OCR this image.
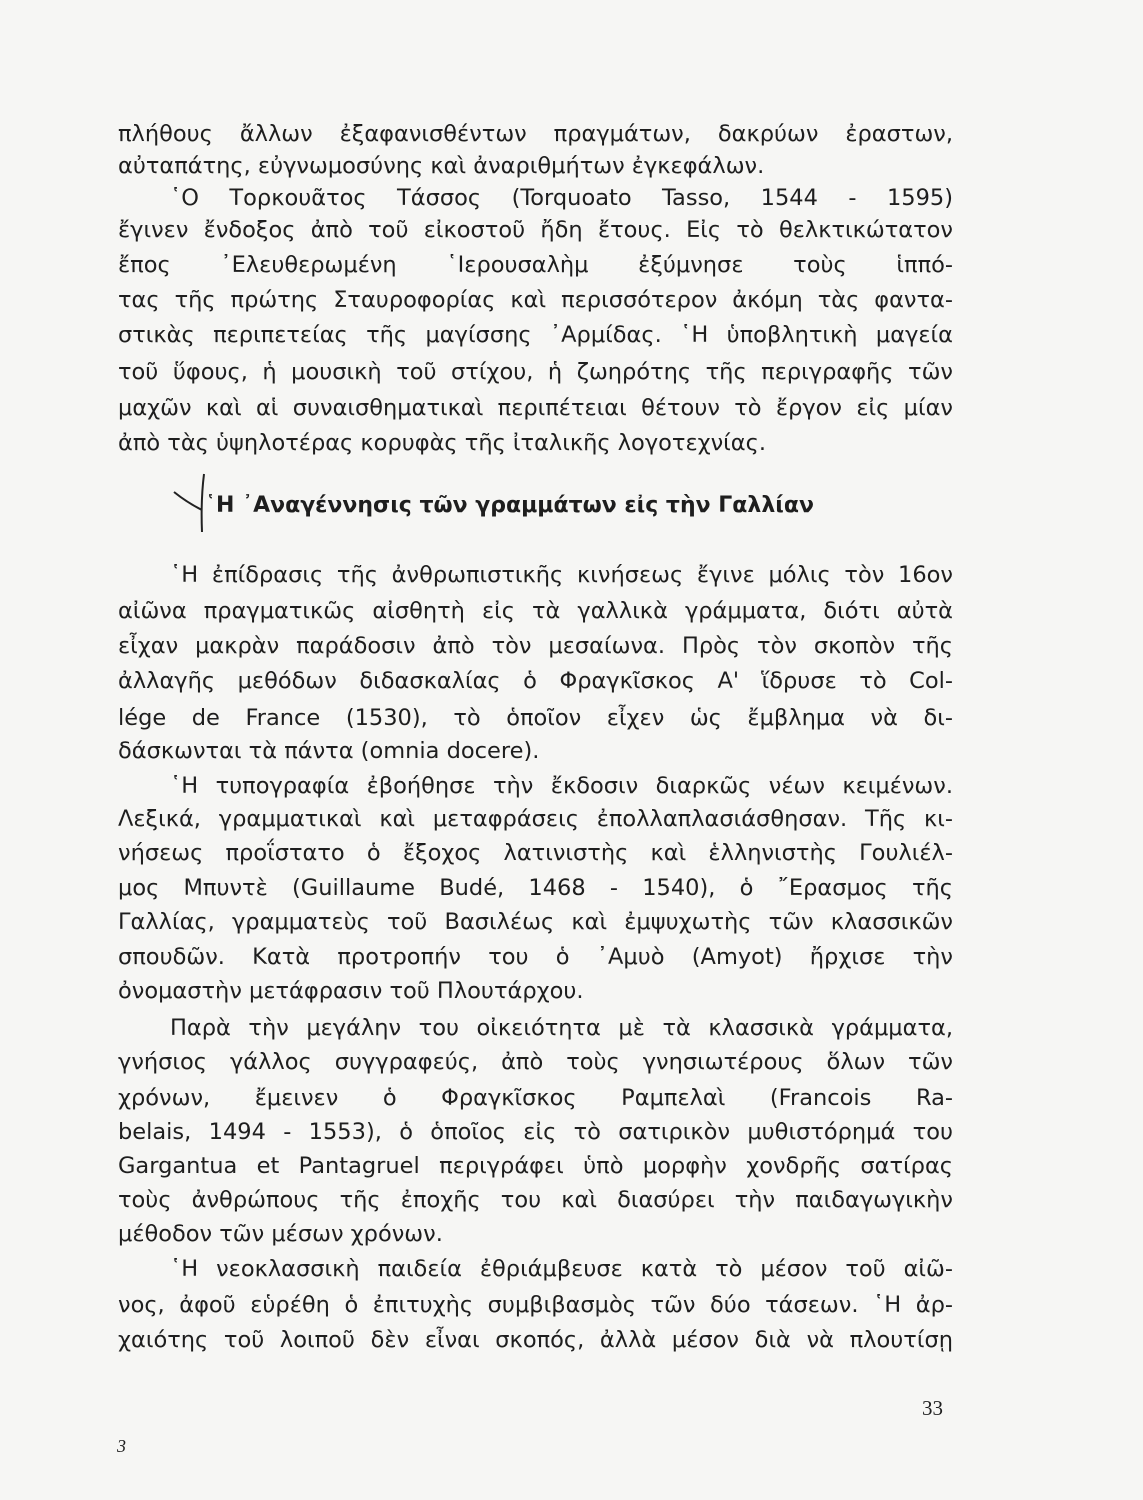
πλήθους ἄλλων ἐξαφανισθέντων πραγμάτων, δακρύων ἐραστων,
αὐταπάτης, εὐγνωμοσύνης καὶ ἀναριθμήτων ἐγκεφάλων.
῾Ο Τορκουᾶτος Τάσσος (Torquoato Tasso, 1544 - 1595)
ἔγινεν ἔνδοξος ἀπὸ τοῦ εἰκοστοῦ ἤδη ἔτους. Εἰς τὸ θελκτικώτατον
ἔπος ᾿Ελευθερωμένη ῾Ιερουσαλὴμ ἐξύμνησε τοὺς ἱππό-
τας τῆς πρώτης Σταυροφορίας καὶ περισσότερον ἀκόμη τὰς φαντα-
στικὰς περιπετείας τῆς μαγίσσης ᾿Αρμίδας. ῾Η ὑποβλητικὴ μαγεία
τοῦ ὕφους, ἡ μουσικὴ τοῦ στίχου, ἡ ζωηρότης τῆς περιγραφῆς τῶν
μαχῶν καὶ αἱ συναισθηματικαὶ περιπέτειαι θέτουν τὸ ἔργον εἰς μίαν
ἀπὸ τὰς ὑψηλοτέρας κορυφὰς τῆς ἰταλικῆς λογοτεχνίας.
῾Η ᾿Αναγέννησις τῶν γραμμάτων εἰς τὴν Γαλλίαν
῾Η ἐπίδρασις τῆς ἀνθρωπιστικῆς κινήσεως ἔγινε μόλις τὸν 16ον
αἰῶνα πραγματικῶς αἰσθητὴ εἰς τὰ γαλλικὰ γράμματα, διότι αὐτὰ
εἶχαν μακρὰν παράδοσιν ἀπὸ τὸν μεσαίωνα. Πρὸς τὸν σκοπὸν τῆς
ἀλλαγῆς μεθόδων διδασκαλίας ὁ Φραγκῖσκος Α' ἵδρυσε τὸ Col-
lége de France (1530), τὸ ὁποῖον εἶχεν ὡς ἔμβλημα νὰ δι-
δάσκωνται τὰ πάντα (omnia docere).
῾Η τυπογραφία ἐβοήθησε τὴν ἔκδοσιν διαρκῶς νέων κειμένων.
Λεξικά, γραμματικαὶ καὶ μεταφράσεις ἐπολλαπλασιάσθησαν. Τῆς κι-
νήσεως προΐστατο ὁ ἔξοχος λατινιστὴς καὶ ἑλληνιστὴς Γουλιέλ-
μος Μπυντὲ (Guillaume Budé, 1468 - 1540), ὁ ῎Ερασμος τῆς
Γαλλίας, γραμματεὺς τοῦ Βασιλέως καὶ ἐμψυχωτὴς τῶν κλασσικῶν
σπουδῶν. Κατὰ προτροπήν του ὁ ᾿Αμυὸ (Amyot) ἤρχισε τὴν
ὀνομαστὴν μετάφρασιν τοῦ Πλουτάρχου.
Παρὰ τὴν μεγάλην του οἰκειότητα μὲ τὰ κλασσικὰ γράμματα,
γνήσιος γάλλος συγγραφεύς, ἀπὸ τοὺς γνησιωτέρους ὅλων τῶν
χρόνων, ἔμεινεν ὁ Φραγκῖσκος Ραμπελαὶ (Francois Ra-
belais, 1494 - 1553), ὁ ὁποῖος εἰς τὸ σατιρικὸν μυθιστόρημά του
Gargantua et Pantagruel περιγράφει ὑπὸ μορφὴν χονδρῆς σατίρας
τοὺς ἀνθρώπους τῆς ἐποχῆς του καὶ διασύρει τὴν παιδαγωγικὴν
μέθοδον τῶν μέσων χρόνων.
῾Η νεοκλασσικὴ παιδεία ἐθριάμβευσε κατὰ τὸ μέσον τοῦ αἰῶ-
νος, ἀφοῦ εὑρέθη ὁ ἐπιτυχὴς συμβιβασμὸς τῶν δύο τάσεων. ῾Η ἀρ-
χαιότης τοῦ λοιποῦ δὲν εἶναι σκοπός, ἀλλὰ μέσον διὰ νὰ πλουτίσῃ
33
3
